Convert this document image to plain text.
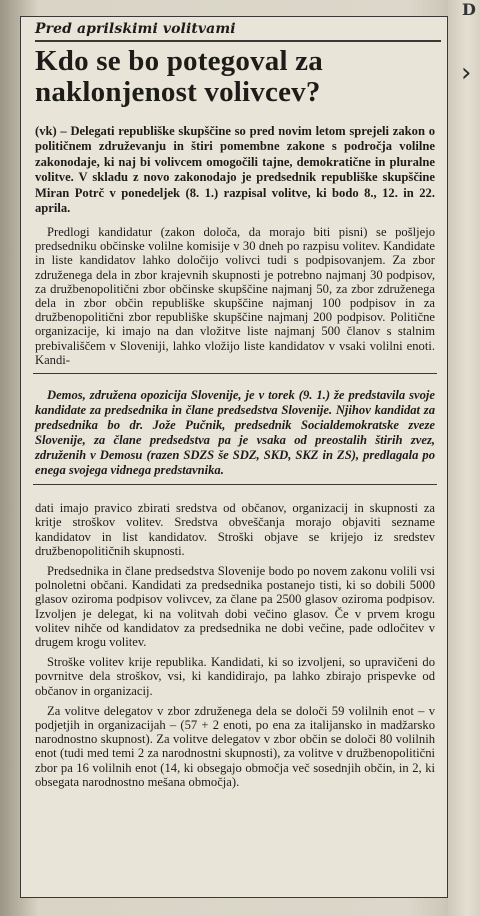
D
›
Pred aprilskimi volitvami
Kdo se bo potegoval za naklonjenost volivcev?

(vk) – Delegati republiške skupščine so pred novim letom sprejeli zakon o političnem združevanju in štiri pomembne zakone s področja volilne zakonodaje, ki naj bi volivcem omogočili tajne, demokratične in pluralne volitve. V skladu z novo zakonodajo je predsednik republiške skupščine Miran Potrč v ponedeljek (8. 1.) razpisal volitve, ki bodo 8., 12. in 22. aprila.

Predlogi kandidatur (zakon določa, da morajo biti pisni) se pošljejo predsedniku občinske volilne komisije v 30 dneh po razpisu volitev. Kandidate in liste kandidatov lahko določijo volivci tudi s podpisovanjem. Za zbor združenega dela in zbor krajevnih skupnosti je potrebno najmanj 30 podpisov, za družbenopolitični zbor občinske skupščine najmanj 50, za zbor združenega dela in zbor občin republiške skupščine najmanj 100 podpisov in za družbenopolitični zbor republiške skupščine najmanj 200 podpisov. Politične organizacije, ki imajo na dan vložitve liste najmanj 500 članov s stalnim prebivališčem v Sloveniji, lahko vložijo liste kandidatov v vsaki volilni enoti. Kandi-

Demos, združena opozicija Slovenije, je v torek (9. 1.) že predstavila svoje kandidate za predsednika in člane predsedstva Slovenije. Njihov kandidat za predsednika bo dr. Jože Pučnik, predsednik Socialdemokratske zveze Slovenije, za člane predsedstva pa je vsaka od preostalih štirih zvez, združenih v Demosu (razen SDZS še SDZ, SKD, SKZ in ZS), predlagala po enega svojega vidnega predstavnika.

dati imajo pravico zbirati sredstva od občanov, organizacij in skupnosti za kritje stroškov volitev. Sredstva obveščanja morajo objaviti sezname kandidatov in list kandidatov. Stroški objave se krijejo iz sredstev družbenopolitičnih skupnosti.

Predsednika in člane predsedstva Slovenije bodo po novem zakonu volili vsi polnoletni občani. Kandidati za predsednika postanejo tisti, ki so dobili 5000 glasov oziroma podpisov volivcev, za člane pa 2500 glasov oziroma podpisov. Izvoljen je delegat, ki na volitvah dobi večino glasov. Če v prvem krogu volitev nihče od kandidatov za predsednika ne dobi večine, pade odločitev v drugem krogu volitev.

Stroške volitev krije republika. Kandidati, ki so izvoljeni, so upravičeni do povrnitve dela stroškov, vsi, ki kandidirajo, pa lahko zbirajo prispevke od občanov in organizacij.

Za volitve delegatov v zbor združenega dela se določi 59 volilnih enot – v podjetjih in organizacijah – (57 + 2 enoti, po ena za italijansko in madžarsko narodnostno skupnost). Za volitve delegatov v zbor občin se določi 80 volilnih enot (tudi med temi 2 za narodnostni skupnosti), za volitve v družbenopolitični zbor pa 16 volilnih enot (14, ki obsegajo območja več sosednjih občin, in 2, ki obsegata narodnostno mešana območja).
